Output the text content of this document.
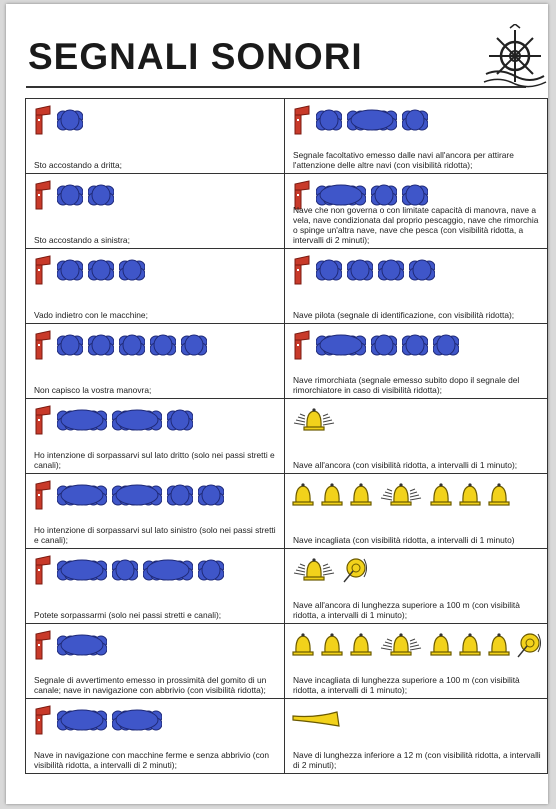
SEGNALI SONORI
Sto accostando a dritta;	Segnale facoltativo emesso dalle navi all'ancora per attirare l'attenzione delle altre navi (con visibilità ridotta);

Sto accostando a sinistra;	Nave che non governa o con limitate capacità di manovra, nave a vela, nave condizionata dal proprio pescaggio, nave che rimorchia o spinge un'altra nave, nave che pesca (con visibilità ridotta, a intervalli di 2 minuti);

Vado indietro con le macchine;	Nave pilota (segnale di identificazione, con visibilità ridotta);

Non capisco la vostra manovra;	Nave rimorchiata (segnale emesso subito dopo il segnale del rimorchiatore in caso di visibilità ridotta);

Ho intenzione di sorpassarvi sul lato dritto (solo nei passi stretti e canali);	Nave all'ancora (con visibilità ridotta, a intervalli di 1 minuto);

Ho intenzione di sorpassarvi sul lato sinistro (solo nei passi stretti e canali);	Nave incagliata (con visibilità ridotta, a intervalli di 1 minuto)

Potete sorpassarmi (solo nei passi stretti e canali);	Nave all'ancora di lunghezza superiore a 100 m (con visibilità ridotta, a intervalli di 1 minuto);

Segnale di avvertimento emesso in prossimità del gomito di un canale; nave in navigazione con abbrivio (con visibilità ridotta);	Nave incagliata di lunghezza superiore a 100 m (con visibilità ridotta, a intervalli di 1 minuto);

Nave in navigazione con macchine ferme e senza abbrivio (con visibilità ridotta, a intervalli di 2 minuti);	Nave di lunghezza inferiore a 12 m (con visibilità ridotta, a intervalli di 2 minuti);
